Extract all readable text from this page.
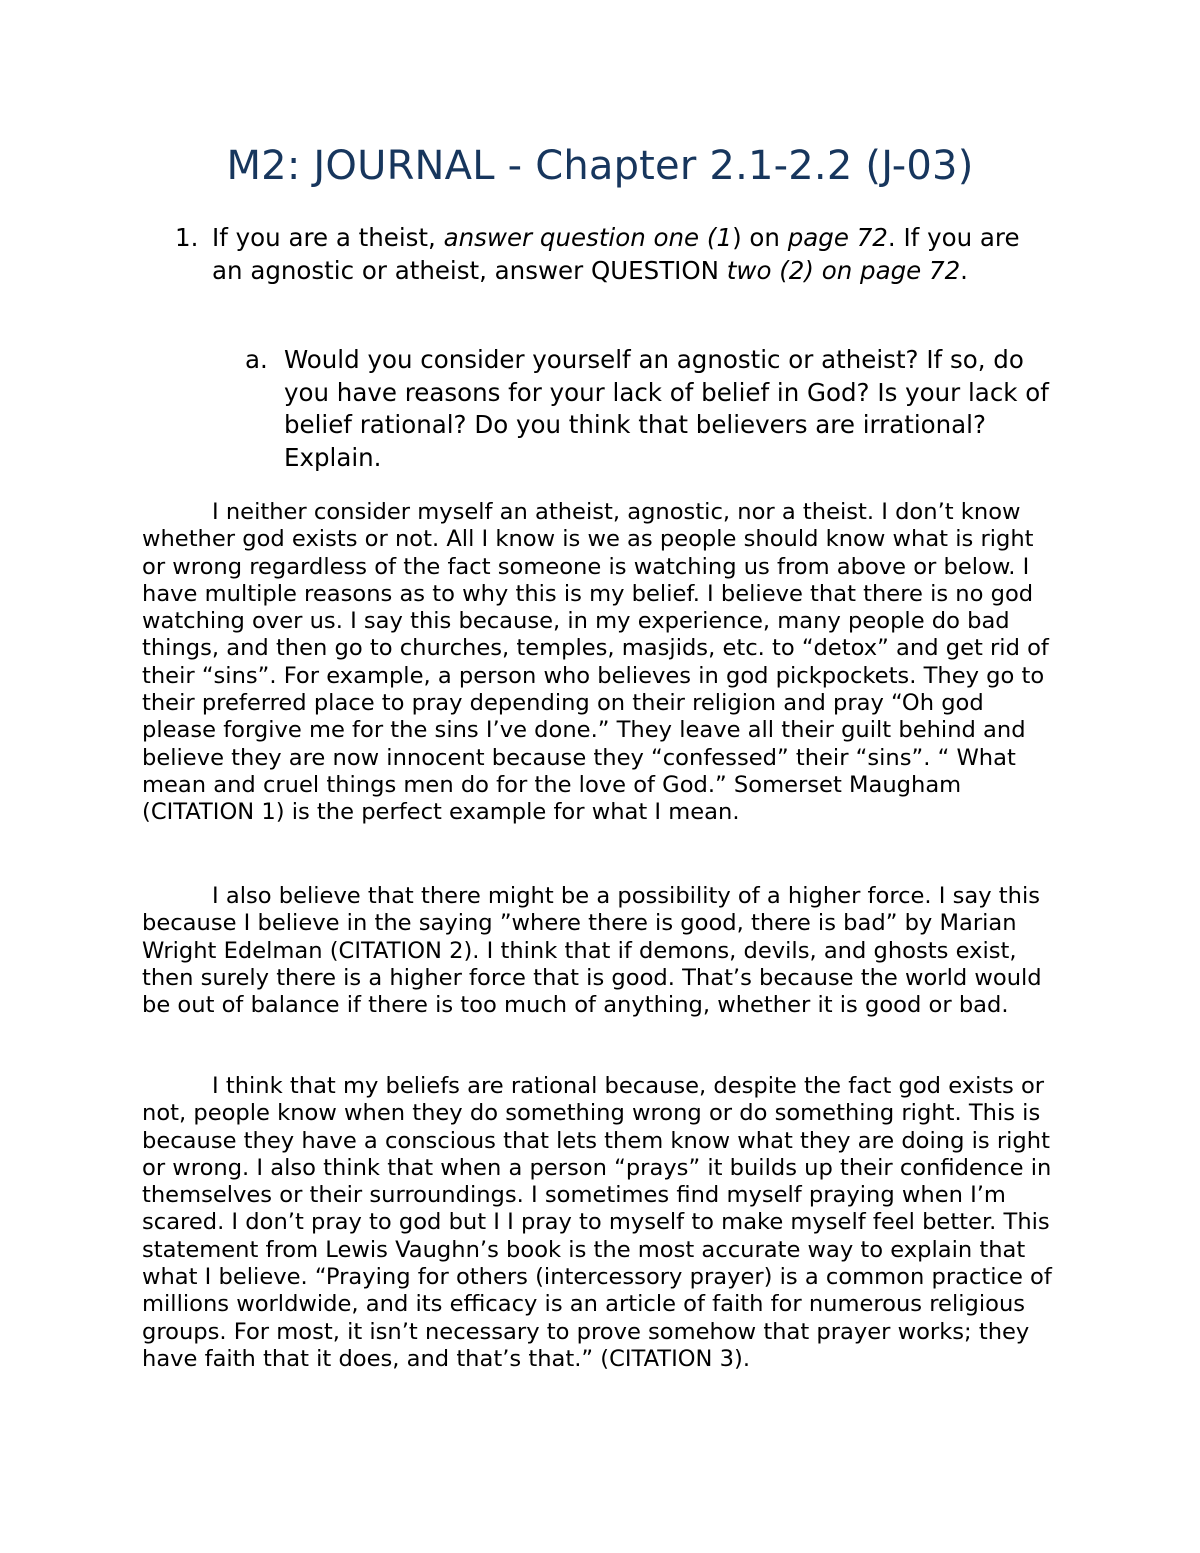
M2: JOURNAL - Chapter 2.1-2.2 (J-03)
1. If you are a theist, answer question one (1) on page 72. If you are an agnostic or atheist, answer QUESTION two (2) on page 72.
a. Would you consider yourself an agnostic or atheist? If so, do you have reasons for your lack of belief in God? Is your lack of belief rational? Do you think that believers are irrational? Explain.

I neither consider myself an atheist, agnostic, nor a theist. I don’t know whether god exists or not. All I know is we as people should know what is right or wrong regardless of the fact someone is watching us from above or below. I have multiple reasons as to why this is my belief. I believe that there is no god watching over us. I say this because, in my experience, many people do bad things, and then go to churches, temples, masjids, etc. to “detox” and get rid of their “sins”. For example, a person who believes in god pickpockets. They go to their preferred place to pray depending on their religion and pray “Oh god please forgive me for the sins I’ve done.” They leave all their guilt behind and believe they are now innocent because they “confessed” their “sins”. “ What mean and cruel things men do for the love of God.” Somerset Maugham (CITATION 1) is the perfect example for what I mean.

I also believe that there might be a possibility of a higher force. I say this because I believe in the saying ”where there is good, there is bad” by Marian Wright Edelman (CITATION 2). I think that if demons, devils, and ghosts exist, then surely there is a higher force that is good. That’s because the world would be out of balance if there is too much of anything, whether it is good or bad.

I think that my beliefs are rational because, despite the fact god exists or not, people know when they do something wrong or do something right. This is because they have a conscious that lets them know what they are doing is right or wrong. I also think that when a person “prays” it builds up their confidence in themselves or their surroundings. I sometimes find myself praying when I’m scared. I don’t pray to god but I I pray to myself to make myself feel better. This statement from Lewis Vaughn’s book is the most accurate way to explain that what I believe. “Praying for others (intercessory prayer) is a common practice of millions worldwide, and its efficacy is an article of faith for numerous religious groups. For most, it isn’t necessary to prove somehow that prayer works; they have faith that it does, and that’s that.” (CITATION 3).
